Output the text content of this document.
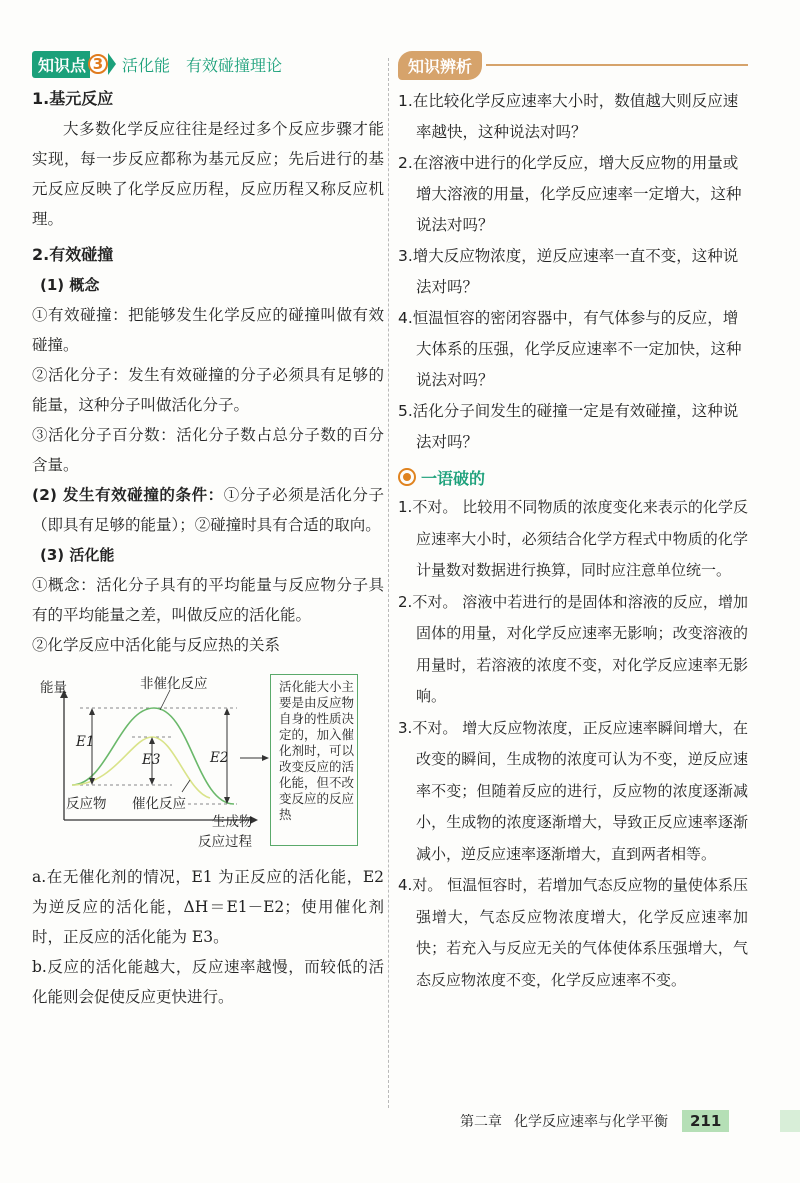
知识点 3 活化能　有效碰撞理论
1.基元反应

大多数化学反应往往是经过多个反应步骤才能实现，每一步反应都称为基元反应；先后进行的基元反应反映了化学反应历程，反应历程又称反应机理。

2.有效碰撞
(1) 概念

①有效碰撞：把能够发生化学反应的碰撞叫做有效碰撞。

②活化分子：发生有效碰撞的分子必须具有足够的能量，这种分子叫做活化分子。

③活化分子百分数：活化分子数占总分子数的百分含量。

(2) 发生有效碰撞的条件：①分子必须是活化分子（即具有足够的能量）；②碰撞时具有合适的取向。

(3) 活化能

①概念：活化分子具有的平均能量与反应物分子具有的平均能量之差，叫做反应的活化能。

②化学反应中活化能与反应热的关系

能量	非催化反应
E1
E3	E2
反应物 催化反应
生成物
反应过程
活化能大小主要是由反应物自身的性质决定的，加入催化剂时，可以改变反应的活化能，但不改变反应的反应热

a.在无催化剂的情况，E1 为正反应的活化能，E2 为逆反应的活化能，ΔH＝E1－E2；使用催化剂时，正反应的活化能为 E3。

b.反应的活化能越大，反应速率越慢，而较低的活化能则会促使反应更快进行。

知识辨析
1.在比较化学反应速率大小时，数值越大则反应速率越快，这种说法对吗？
2.在溶液中进行的化学反应，增大反应物的用量或增大溶液的用量，化学反应速率一定增大，这种说法对吗？
3.增大反应物浓度，逆反应速率一直不变，这种说法对吗？
4.恒温恒容的密闭容器中，有气体参与的反应，增大体系的压强，化学反应速率不一定加快，这种说法对吗？
5.活化分子间发生的碰撞一定是有效碰撞，这种说法对吗？
一语破的
1.不对。 比较用不同物质的浓度变化来表示的化学反应速率大小时，必须结合化学方程式中物质的化学计量数对数据进行换算，同时应注意单位统一。
2.不对。 溶液中若进行的是固体和溶液的反应，增加固体的用量，对化学反应速率无影响；改变溶液的用量时，若溶液的浓度不变，对化学反应速率无影响。
3.不对。 增大反应物浓度，正反应速率瞬间增大，在改变的瞬间，生成物的浓度可认为不变，逆反应速率不变；但随着反应的进行，反应物的浓度逐渐减小，生成物的浓度逐渐增大，导致正反应速率逐渐减小，逆反应速率逐渐增大，直到两者相等。
4.对。 恒温恒容时，若增加气态反应物的量使体系压强增大，气态反应物浓度增大，化学反应速率加快；若充入与反应无关的气体使体系压强增大，气态反应物浓度不变，化学反应速率不变。
第二章 化学反应速率与化学平衡	211
